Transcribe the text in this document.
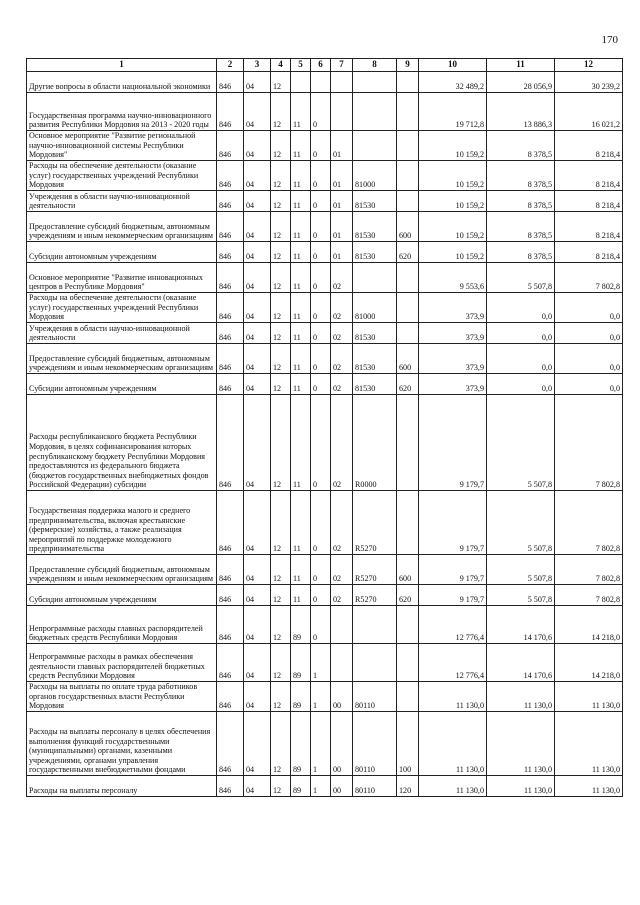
170
1	2	3	4	5	6	7	8	9	10	11	12
Другие вопросы в области национальной экономики	846	04	12						32 489,2	28 056,9	30 239,2
Государственная программа научно-инновационного развития Республики Мордовия на 2013 - 2020 годы	846	04	12	11	0				19 712,8	13 886,3	16 021,2
Основное мероприятие "Развитие региональной научно-инновационной системы Республики Мордовия"	846	04	12	11	0	01			10 159,2	8 378,5	8 218,4
Расходы на обеспечение деятельности (оказание услуг) государственных учреждений Республики Мордовия	846	04	12	11	0	01	81000		10 159,2	8 378,5	8 218,4
Учреждения в области научно-инновационной деятельности	846	04	12	11	0	01	81530		10 159,2	8 378,5	8 218,4
Предоставление субсидий бюджетным, автономным учреждениям и иным некоммерческим организациям	846	04	12	11	0	01	81530	600	10 159,2	8 378,5	8 218,4
Субсидии автономным учреждениям	846	04	12	11	0	01	81530	620	10 159,2	8 378,5	8 218,4
Основное мероприятие "Развитие инновационных центров в Республике Мордовия"	846	04	12	11	0	02			9 553,6	5 507,8	7 802,8
Расходы на обеспечение деятельности (оказание услуг) государственных учреждений Республики Мордовия	846	04	12	11	0	02	81000		373,9	0,0	0,0
Учреждения в области научно-инновационной деятельности	846	04	12	11	0	02	81530		373,9	0,0	0,0
Предоставление субсидий бюджетным, автономным учреждениям и иным некоммерческим организациям	846	04	12	11	0	02	81530	600	373,9	0,0	0,0
Субсидии автономным учреждениям	846	04	12	11	0	02	81530	620	373,9	0,0	0,0
Расходы республиканского бюджета Республики Мордовия, в целях софинансирования которых республиканскому бюджету Республики Мордовия предоставляются из федерального бюджета (бюджетов государственных внебюджетных фондов Российской Федерации) субсидии	846	04	12	11	0	02	R0000		9 179,7	5 507,8	7 802,8
Государственная поддержка малого и среднего предпринимательства, включая крестьянские (фермерские) хозяйства, а также реализация мероприятий по поддержке молодежного предпринимательства	846	04	12	11	0	02	R5270		9 179,7	5 507,8	7 802,8
Предоставление субсидий бюджетным, автономным учреждениям и иным некоммерческим организациям	846	04	12	11	0	02	R5270	600	9 179,7	5 507,8	7 802,8
Субсидии автономным учреждениям	846	04	12	11	0	02	R5270	620	9 179,7	5 507,8	7 802,8
Непрограммные расходы главных распорядителей бюджетных средств Республики Мордовия	846	04	12	89	0				12 776,4	14 170,6	14 218,0
Непрограммные расходы в рамках обеспечения деятельности главных распорядителей бюджетных средств Республики Мордовия	846	04	12	89	1				12 776,4	14 170,6	14 218,0
Расходы на выплаты по оплате труда работников органов государственных власти Республики Мордовия	846	04	12	89	1	00	80110		11 130,0	11 130,0	11 130,0
Расходы на выплаты персоналу в целях обеспечения выполнения функций государственными (муниципальными) органами, казенными учреждениями, органами управления государственными внебюджетными фондами	846	04	12	89	1	00	80110	100	11 130,0	11 130,0	11 130,0
Расходы на выплаты персоналу	846	04	12	89	1	00	80110	120	11 130,0	11 130,0	11 130,0
